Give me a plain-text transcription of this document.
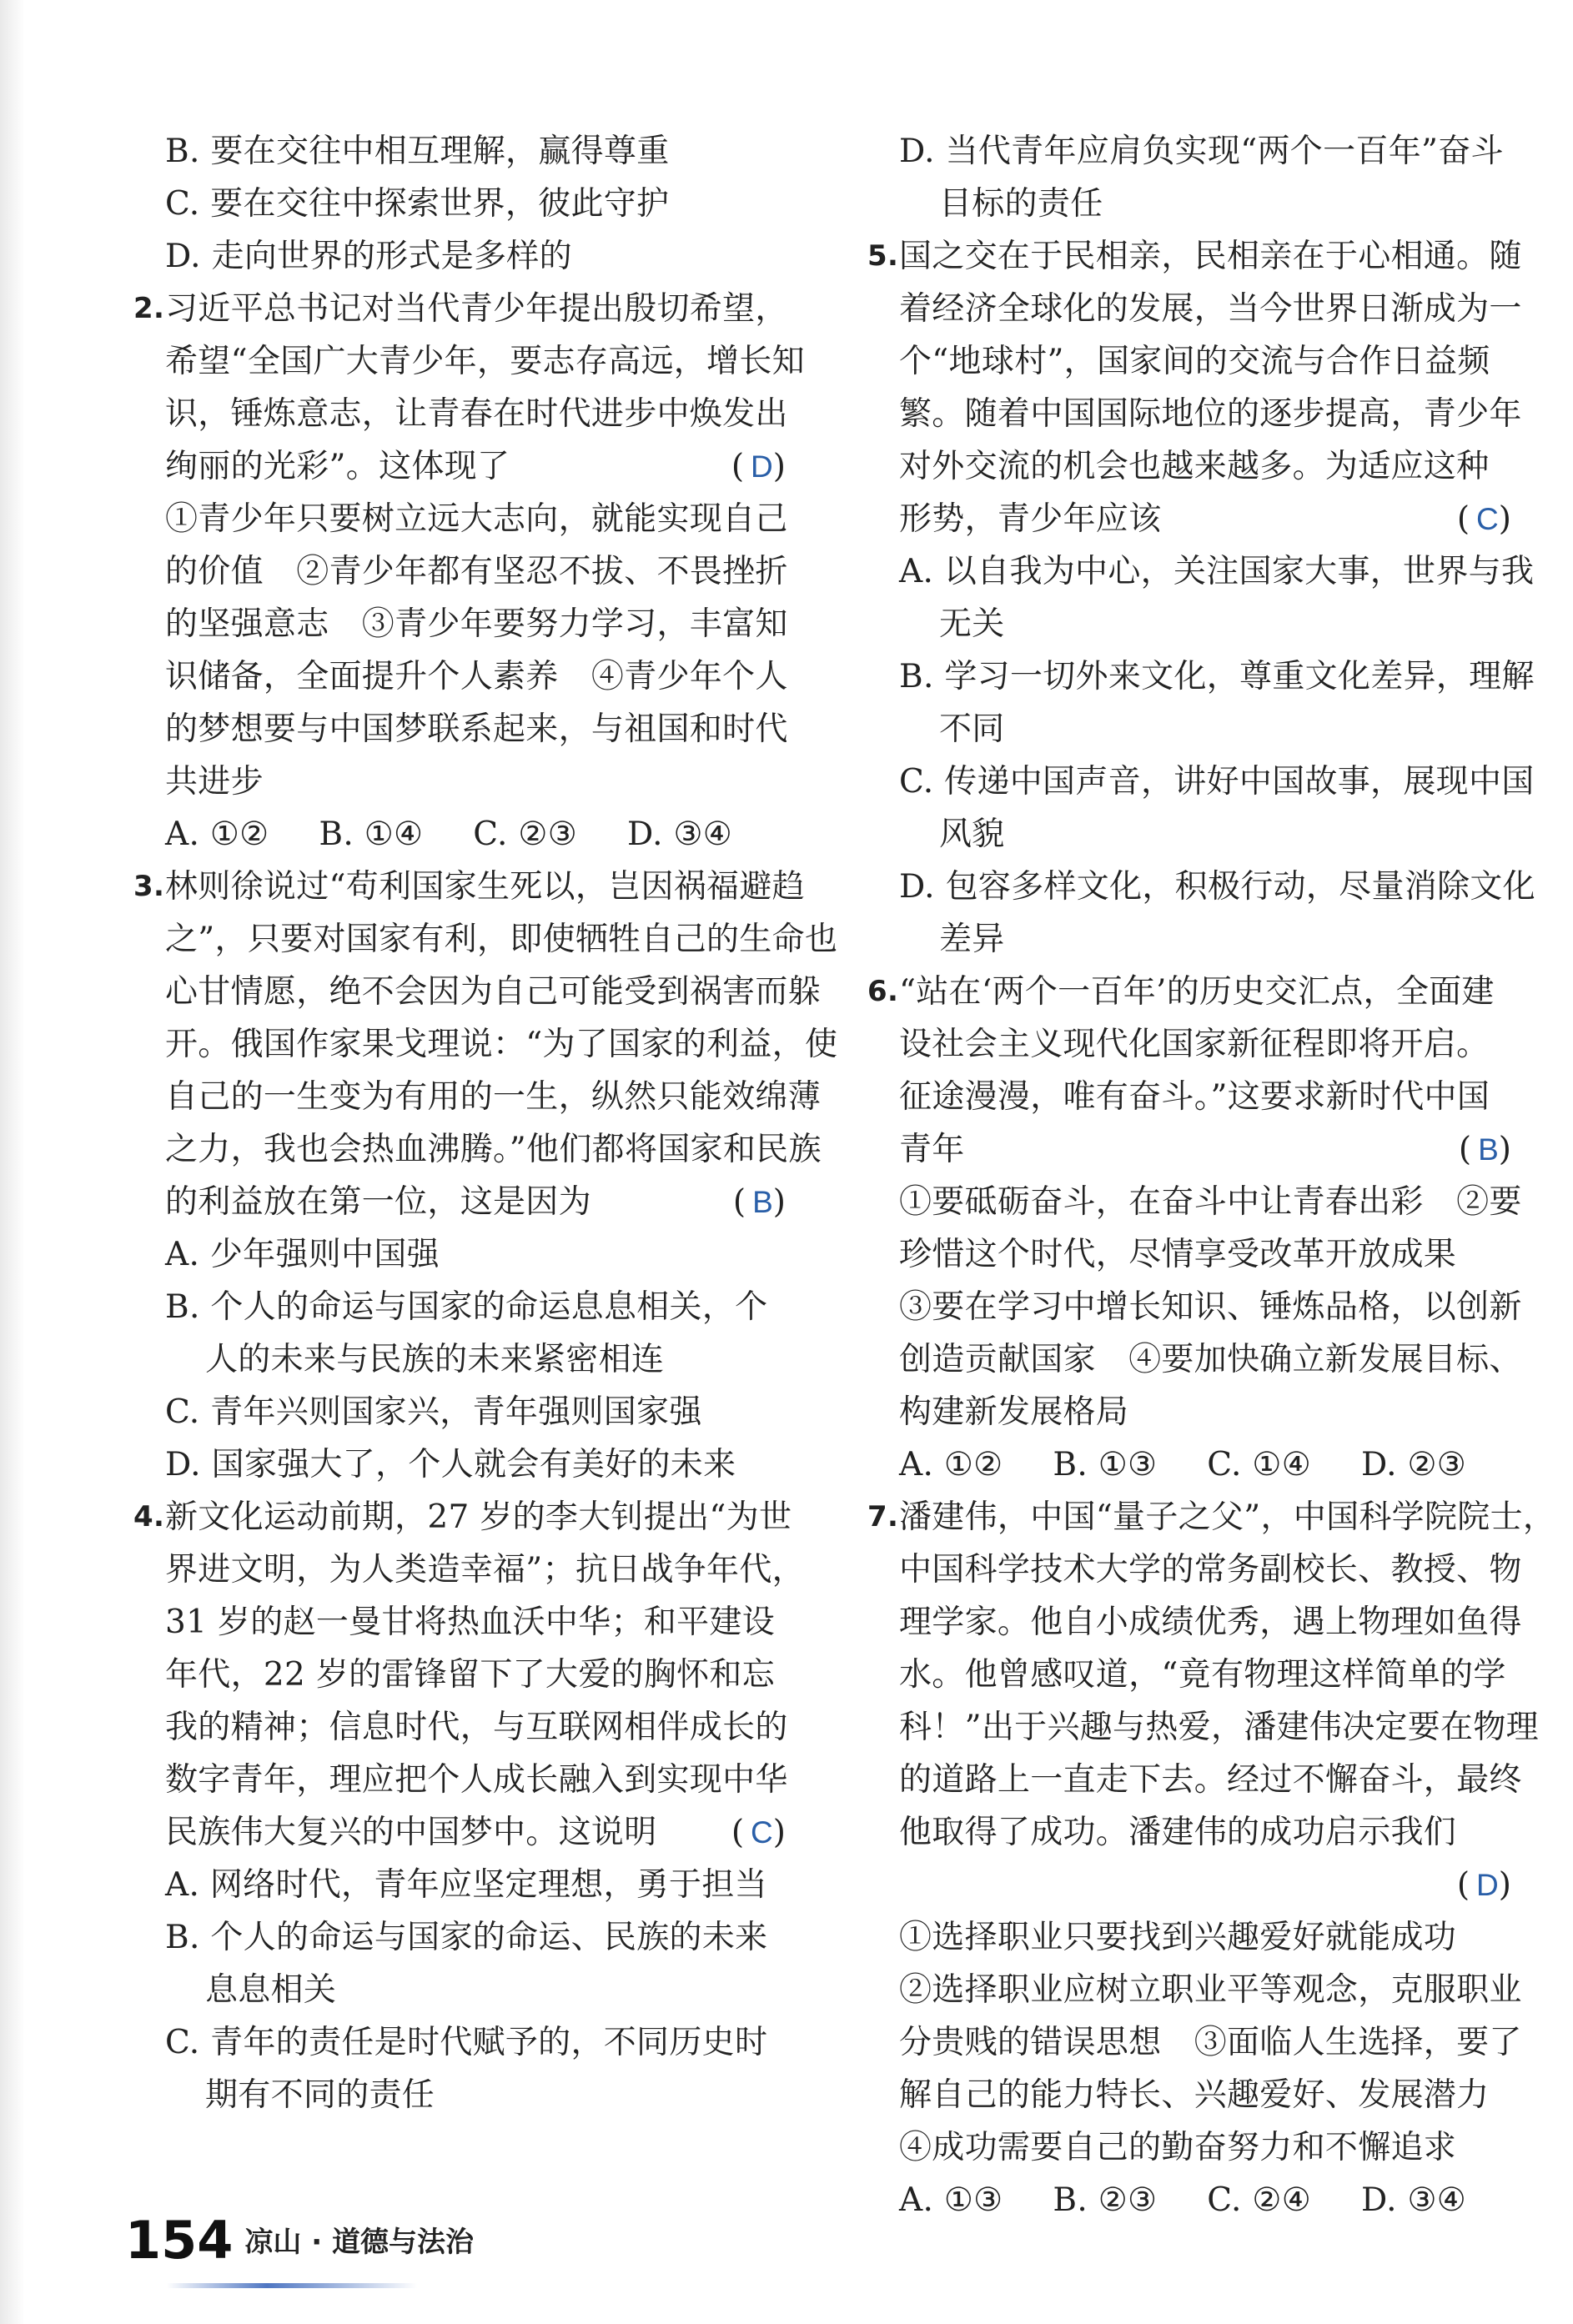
B. 要在交往中相互理解，赢得尊重
C. 要在交往中探索世界，彼此守护
D. 走向世界的形式是多样的
2. 习近平总书记对当代青少年提出殷切希望，
希望“全国广大青少年，要志存高远，增长知
识，锤炼意志，让青春在时代进步中焕发出
绚丽的光彩”。这体现了	(D)
①青少年只要树立远大志向，就能实现自己
的价值　②青少年都有坚忍不拔、不畏挫折
的坚强意志　③青少年要努力学习，丰富知
识储备，全面提升个人素养　④青少年个人
的梦想要与中国梦联系起来，与祖国和时代
共进步
A. ①② B. ①④ C. ②③ D. ③④
3. 林则徐说过“苟利国家生死以，岂因祸福避趋
之”，只要对国家有利，即使牺牲自己的生命也
心甘情愿，绝不会因为自己可能受到祸害而躲
开。俄国作家果戈理说：“为了国家的利益，使
自己的一生变为有用的一生，纵然只能效绵薄
之力，我也会热血沸腾。”他们都将国家和民族
的利益放在第一位，这是因为	(B)
A. 少年强则中国强
B. 个人的命运与国家的命运息息相关，个
人的未来与民族的未来紧密相连
C. 青年兴则国家兴，青年强则国家强
D. 国家强大了，个人就会有美好的未来
4. 新文化运动前期，27 岁的李大钊提出“为世
界进文明，为人类造幸福”；抗日战争年代，
31 岁的赵一曼甘将热血沃中华；和平建设
年代，22 岁的雷锋留下了大爱的胸怀和忘
我的精神；信息时代，与互联网相伴成长的
数字青年，理应把个人成长融入到实现中华
民族伟大复兴的中国梦中。这说明 (C)
A. 网络时代，青年应坚定理想，勇于担当
B. 个人的命运与国家的命运、民族的未来
息息相关
C. 青年的责任是时代赋予的，不同历史时
期有不同的责任
D. 当代青年应肩负实现“两个一百年”奋斗
目标的责任
5. 国之交在于民相亲，民相亲在于心相通。随
着经济全球化的发展，当今世界日渐成为一
个“地球村”，国家间的交流与合作日益频
繁。随着中国国际地位的逐步提高，青少年
对外交流的机会也越来越多。为适应这种
形势，青少年应该	(C)
A. 以自我为中心，关注国家大事，世界与我
无关
B. 学习一切外来文化，尊重文化差异，理解
不同
C. 传递中国声音，讲好中国故事，展现中国
风貌
D. 包容多样文化，积极行动，尽量消除文化
差异
6. “站在‘两个一百年’的历史交汇点，全面建
设社会主义现代化国家新征程即将开启。
征途漫漫，唯有奋斗。”这要求新时代中国
青年	(B)
①要砥砺奋斗，在奋斗中让青春出彩　②要
珍惜这个时代，尽情享受改革开放成果
③要在学习中增长知识、锤炼品格，以创新
创造贡献国家　④要加快确立新发展目标、
构建新发展格局
A. ①② B. ①③ C. ①④ D. ②③
7. 潘建伟，中国“量子之父”，中国科学院院士，
中国科学技术大学的常务副校长、教授、物
理学家。他自小成绩优秀，遇上物理如鱼得
水。他曾感叹道，“竟有物理这样简单的学
科！”出于兴趣与热爱，潘建伟决定要在物理
的道路上一直走下去。经过不懈奋斗，最终
他取得了成功。潘建伟的成功启示我们
(D)
①选择职业只要找到兴趣爱好就能成功
②选择职业应树立职业平等观念，克服职业
分贵贱的错误思想　③面临人生选择，要了
解自己的能力特长、兴趣爱好、发展潜力
④成功需要自己的勤奋努力和不懈追求
A. ①③ B. ②③ C. ②④ D. ③④
154 凉山 · 道德与法治
